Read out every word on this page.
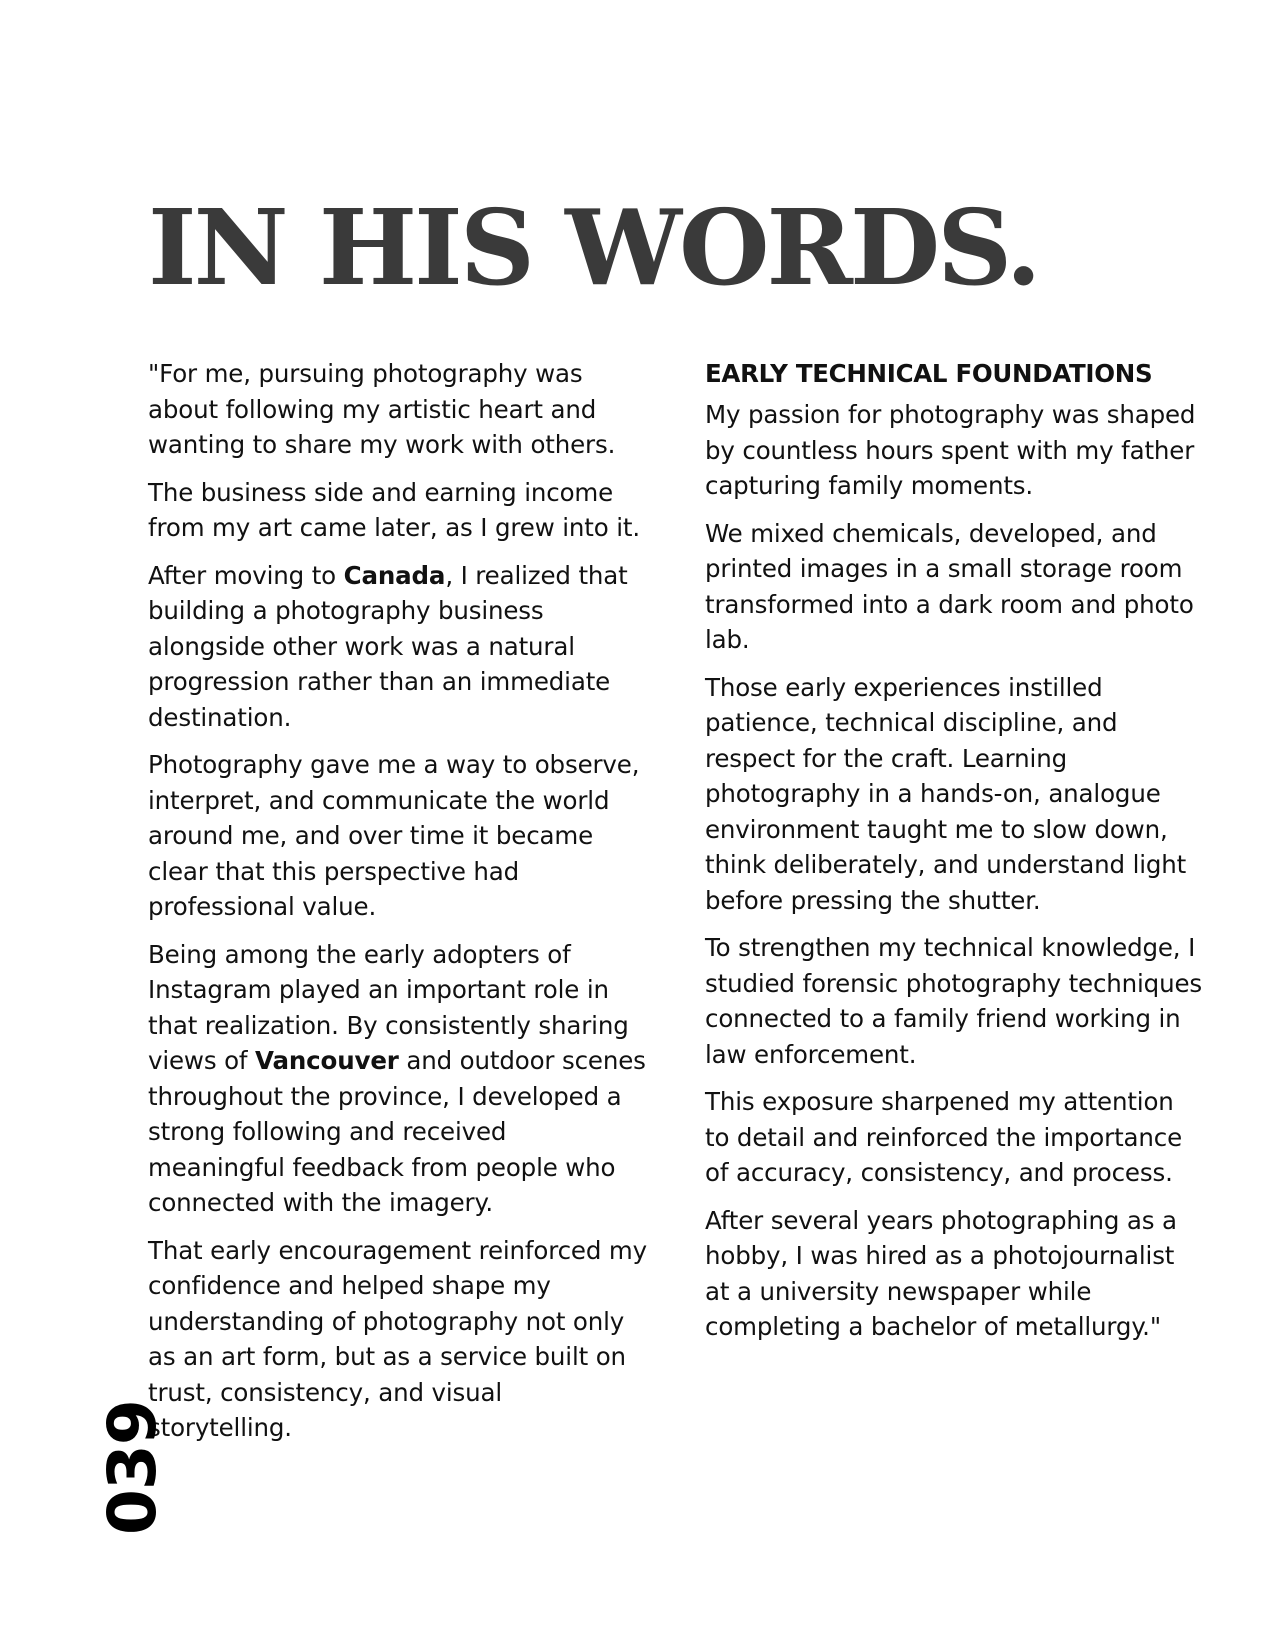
IN HIS WORDS.

"For me, pursuing photography was about following my artistic heart and wanting to share my work with others.

The business side and earning income from my art came later, as I grew into it.

After moving to Canada, I realized that building a photography business alongside other work was a natural progression rather than an immediate destination.

Photography gave me a way to observe, interpret, and communicate the world around me, and over time it became clear that this perspective had professional value.

Being among the early adopters of Instagram played an important role in that realization. By consistently sharing views of Vancouver and outdoor scenes throughout the province, I developed a strong following and received meaningful feedback from people who connected with the imagery.

That early encouragement reinforced my confidence and helped shape my understanding of photography not only as an art form, but as a service built on trust, consistency, and visual storytelling.

EARLY TECHNICAL FOUNDATIONS

My passion for photography was shaped by countless hours spent with my father capturing family moments.

We mixed chemicals, developed, and printed images in a small storage room transformed into a dark room and photo lab.

Those early experiences instilled patience, technical discipline, and respect for the craft. Learning photography in a hands-on, analogue environment taught me to slow down, think deliberately, and understand light before pressing the shutter.

To strengthen my technical knowledge, I studied forensic photography techniques connected to a family friend working in law enforcement.

This exposure sharpened my attention to detail and reinforced the importance of accuracy, consistency, and process.

After several years photographing as a hobby, I was hired as a photojournalist at a university newspaper while completing a bachelor of metallurgy."

039
